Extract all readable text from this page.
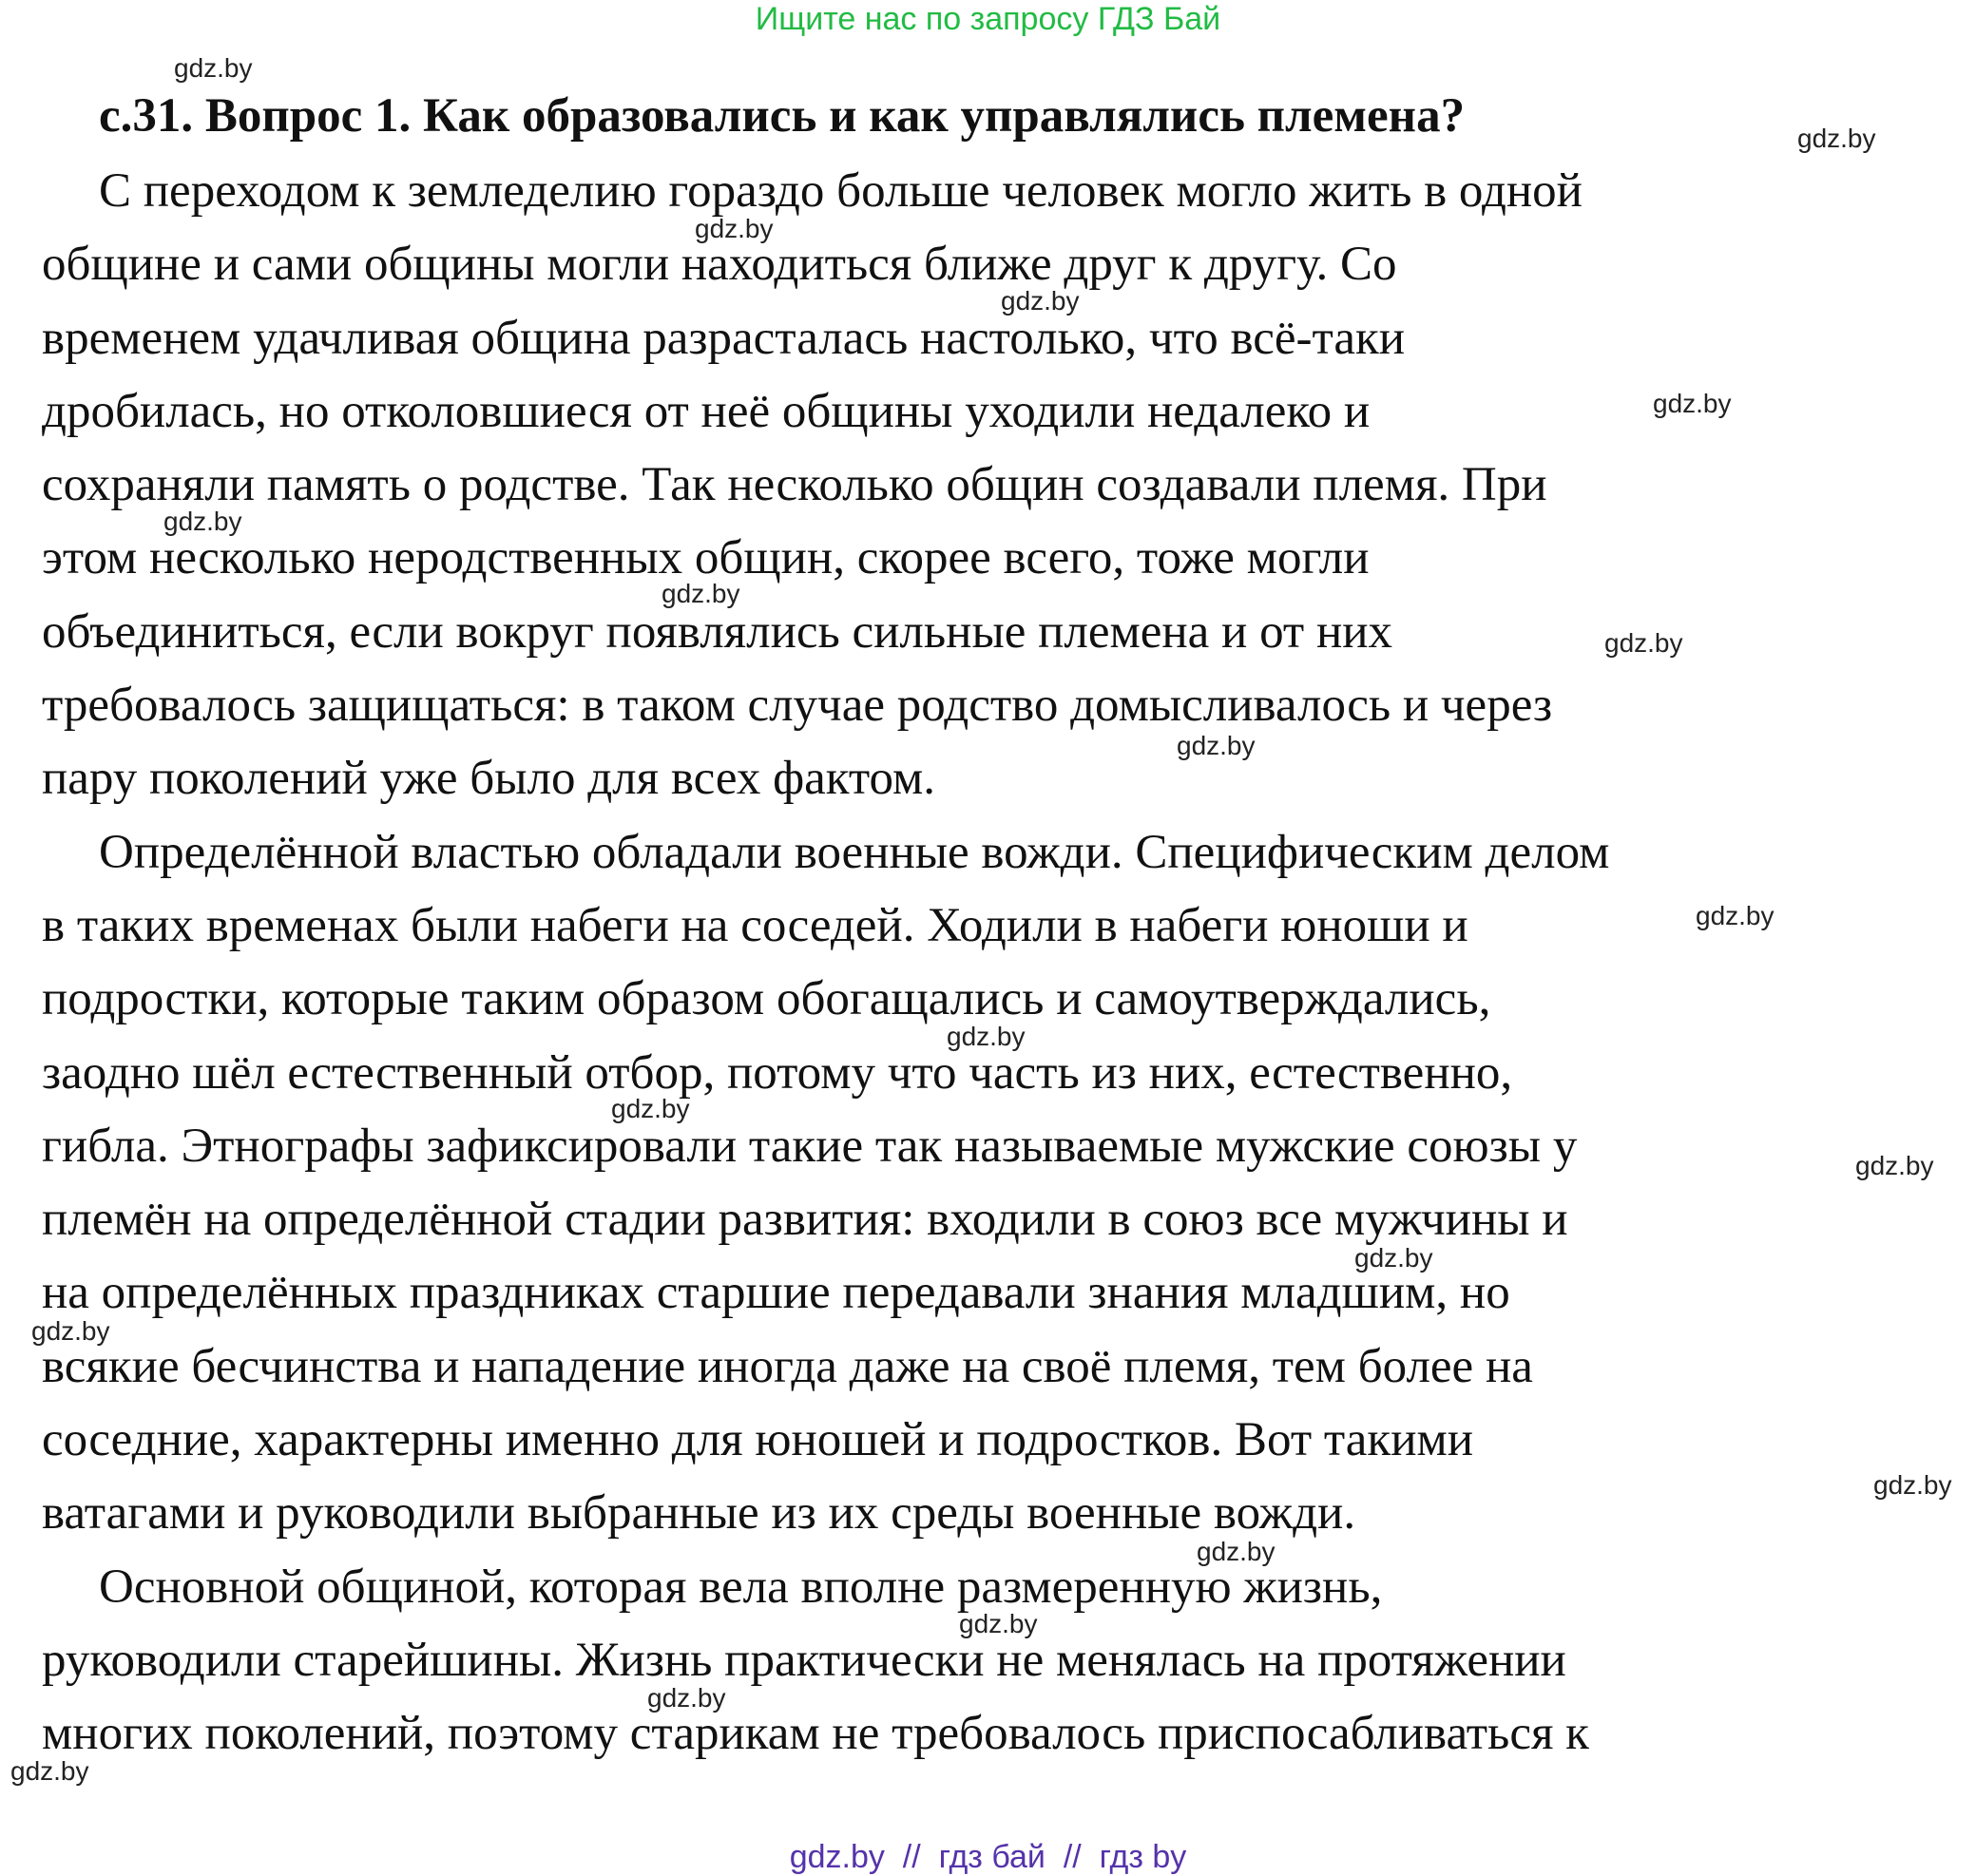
Ищите нас по запросу ГДЗ Бай
с.31. Вопрос 1. Как образовались и как управлялись племена?
С переходом к земледелию гораздо больше человек могло жить в одной
общине и сами общины могли находиться ближе друг к другу. Со
временем удачливая община разрасталась настолько, что всё-таки
дробилась, но отколовшиеся от неё общины уходили недалеко и
сохраняли память о родстве. Так несколько общин создавали племя. При
этом несколько неродственных общин, скорее всего, тоже могли
объединиться, если вокруг появлялись сильные племена и от них
требовалось защищаться: в таком случае родство домысливалось и через
пару поколений уже было для всех фактом.
Определённой властью обладали военные вожди. Специфическим делом
в таких временах были набеги на соседей. Ходили в набеги юноши и
подростки, которые таким образом обогащались и самоутверждались,
заодно шёл естественный отбор, потому что часть из них, естественно,
гибла. Этнографы зафиксировали такие так называемые мужские союзы у
племён на определённой стадии развития: входили в союз все мужчины и
на определённых праздниках старшие передавали знания младшим, но
всякие бесчинства и нападение иногда даже на своё племя, тем более на
соседние, характерны именно для юношей и подростков. Вот такими
ватагами и руководили выбранные из их среды военные вожди.
Основной общиной, которая вела вполне размеренную жизнь,
руководили старейшины. Жизнь практически не менялась на протяжении
многих поколений, поэтому старикам не требовалось приспосабливаться к
gdz.by
gdz.by
gdz.by
gdz.by
gdz.by
gdz.by
gdz.by
gdz.by
gdz.by
gdz.by
gdz.by
gdz.by
gdz.by
gdz.by
gdz.by
gdz.by
gdz.by
gdz.by
gdz.by
gdz.by
gdz.by  //  гдз бай  //  гдз by
